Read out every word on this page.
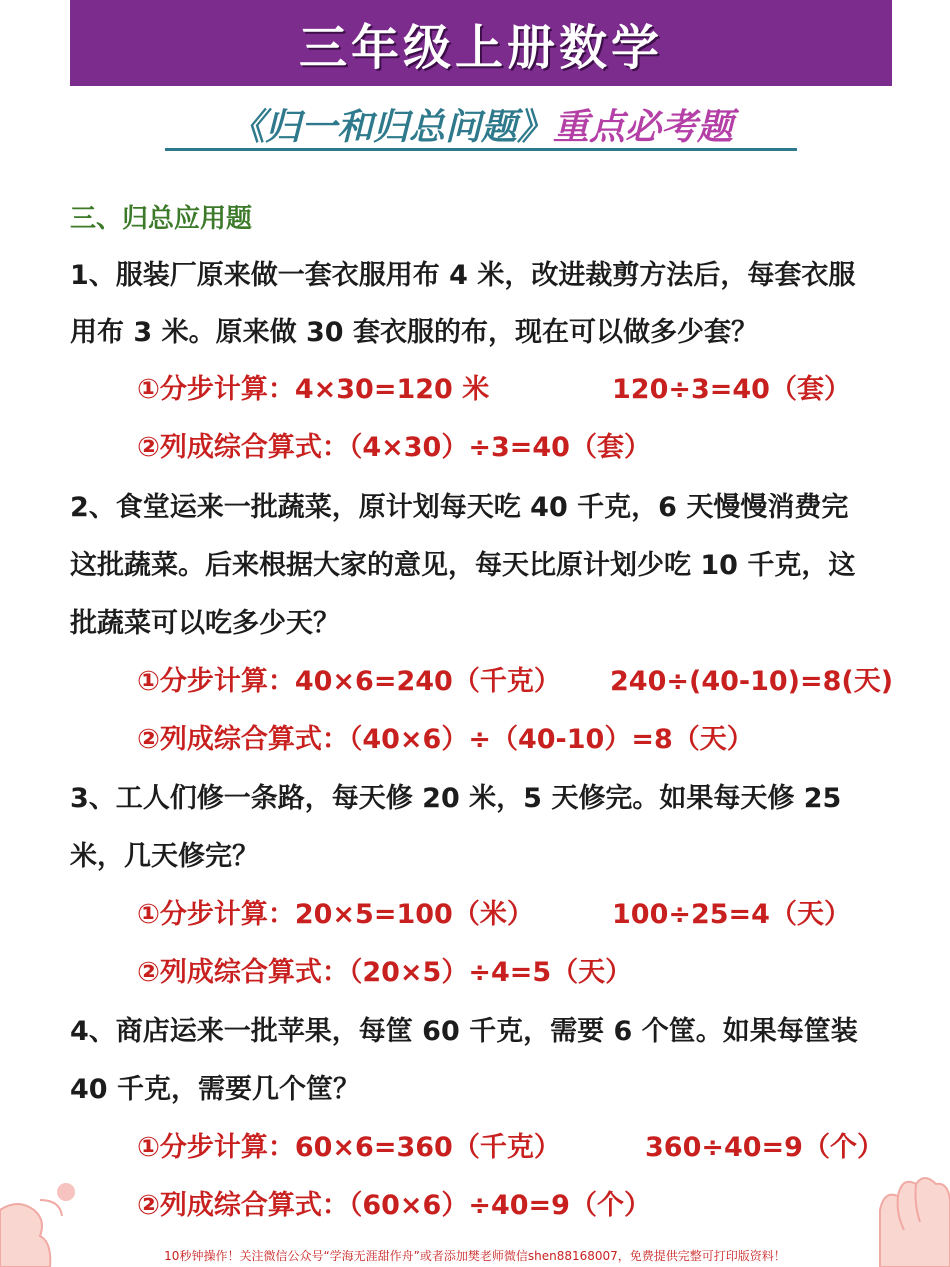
三年级上册数学
《归一和归总问题》 重点必考题
三、归总应用题
1、服装厂原来做一套衣服用布 4 米，改进裁剪方法后，每套衣服
用布 3 米。原来做 30 套衣服的布，现在可以做多少套？
①分步计算：4×30=120 米	120÷3=40（套）
②列成综合算式：（4×30）÷3=40（套）
2、食堂运来一批蔬菜，原计划每天吃 40 千克，6 天慢慢消费完
这批蔬菜。后来根据大家的意见，每天比原计划少吃 10 千克，这
批蔬菜可以吃多少天？
①分步计算：40×6=240（千克） 240÷(40-10)=8(天)
②列成综合算式：（40×6）÷（40-10）=8（天）
3、工人们修一条路，每天修 20 米，5 天修完。如果每天修 25
米，几天修完？
①分步计算：20×5=100（米）	100÷25=4（天）
②列成综合算式：（20×5）÷4=5（天）
4、商店运来一批苹果，每筐 60 千克，需要 6 个筐。如果每筐装
40 千克，需要几个筐？
①分步计算：60×6=360（千克）	360÷40=9（个）
②列成综合算式：（60×6）÷40=9（个）
10秒钟操作！关注微信公众号“学海无涯甜作舟”或者添加樊老师微信shen88168007，免费提供完整可打印版资料！
